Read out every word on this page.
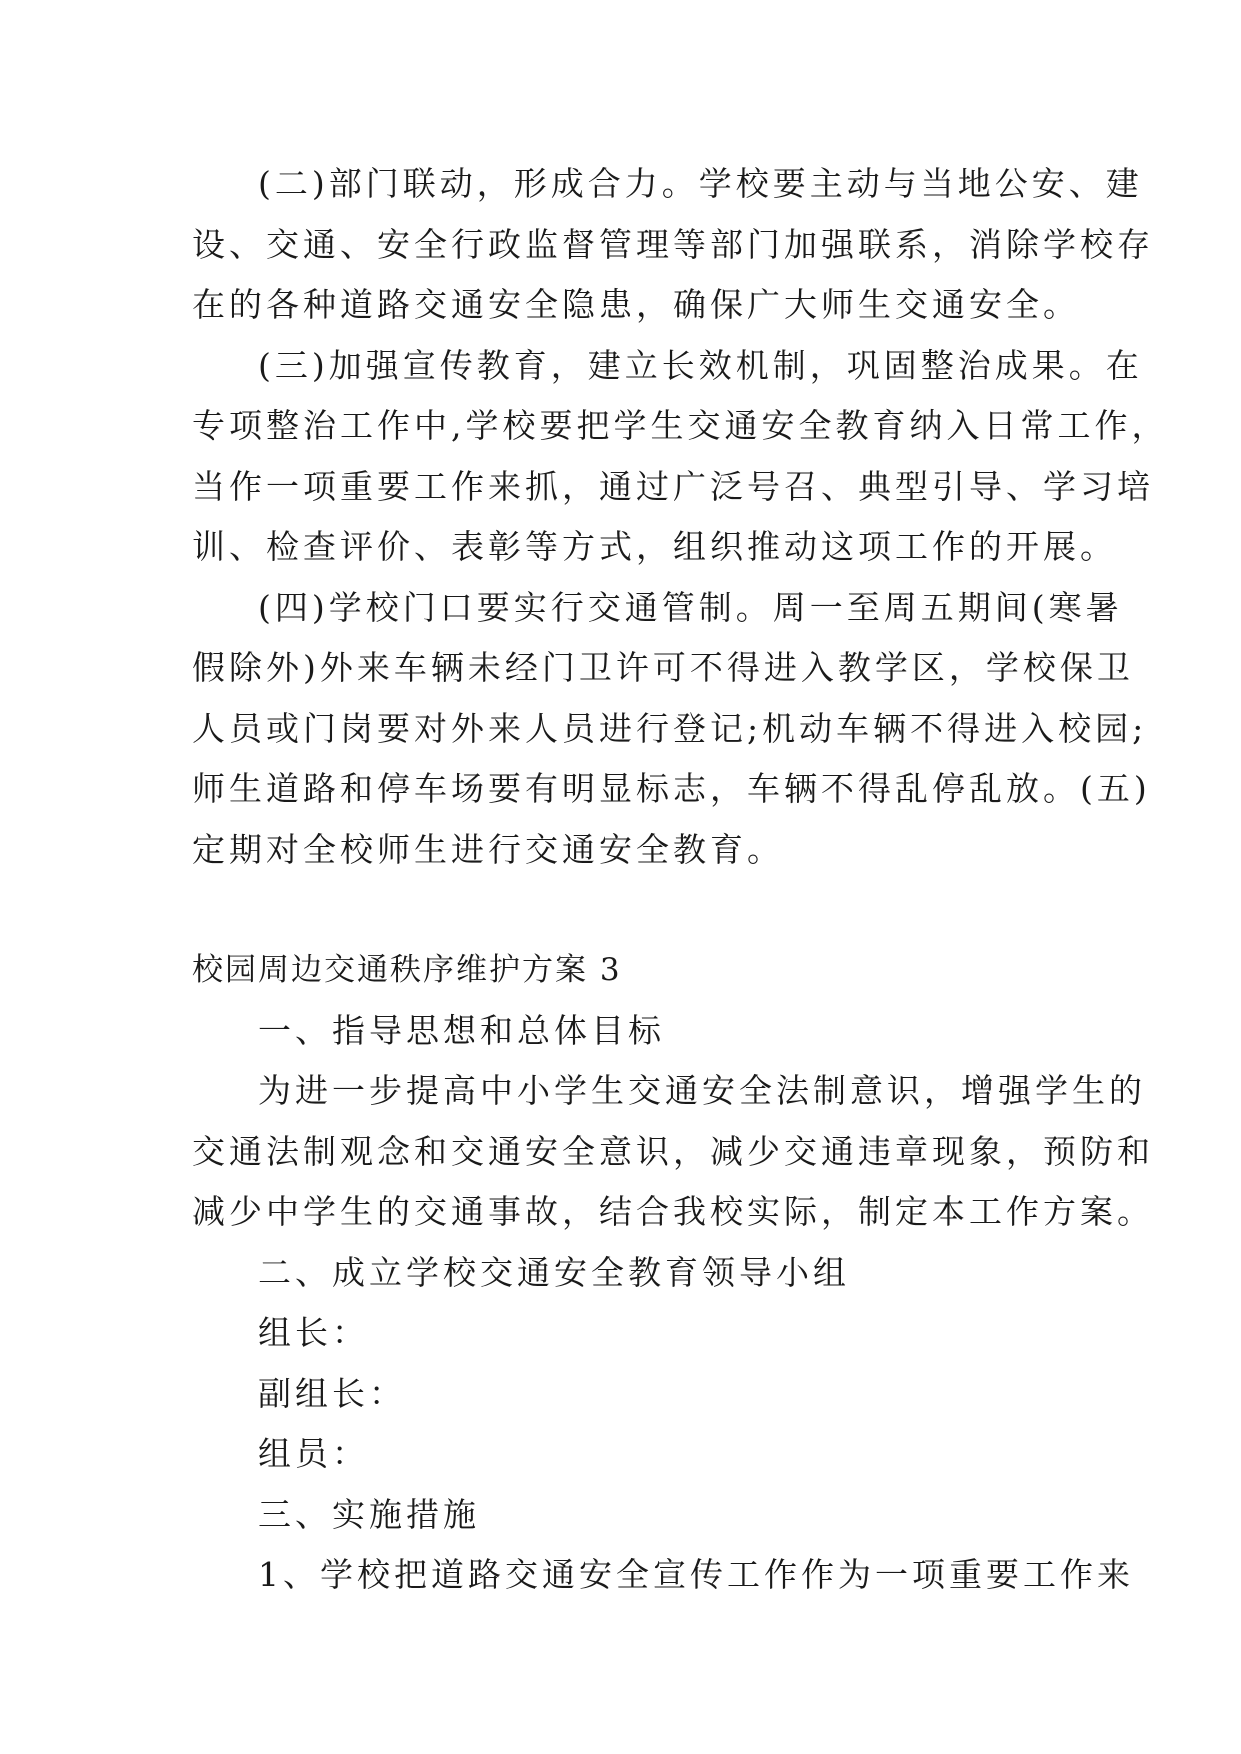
(二)部门联动，形成合力。学校要主动与当地公安、建

设、交通、安全行政监督管理等部门加强联系，消除学校存

在的各种道路交通安全隐患，确保广大师生交通安全。

(三)加强宣传教育，建立长效机制，巩固整治成果。在

专项整治工作中,学校要把学生交通安全教育纳入日常工作，

当作一项重要工作来抓，通过广泛号召、典型引导、学习培

训、检查评价、表彰等方式，组织推动这项工作的开展。

(四)学校门口要实行交通管制。周一至周五期间(寒暑

假除外)外来车辆未经门卫许可不得进入教学区，学校保卫

人员或门岗要对外来人员进行登记;机动车辆不得进入校园;

师生道路和停车场要有明显标志，车辆不得乱停乱放。(五)

定期对全校师生进行交通安全教育。

校园周边交通秩序维护方案 3

一、指导思想和总体目标

为进一步提高中小学生交通安全法制意识，增强学生的

交通法制观念和交通安全意识，减少交通违章现象，预防和

减少中学生的交通事故，结合我校实际，制定本工作方案。

二、成立学校交通安全教育领导小组

组长：

副组长：

组员：

三、实施措施

1、学校把道路交通安全宣传工作作为一项重要工作来
